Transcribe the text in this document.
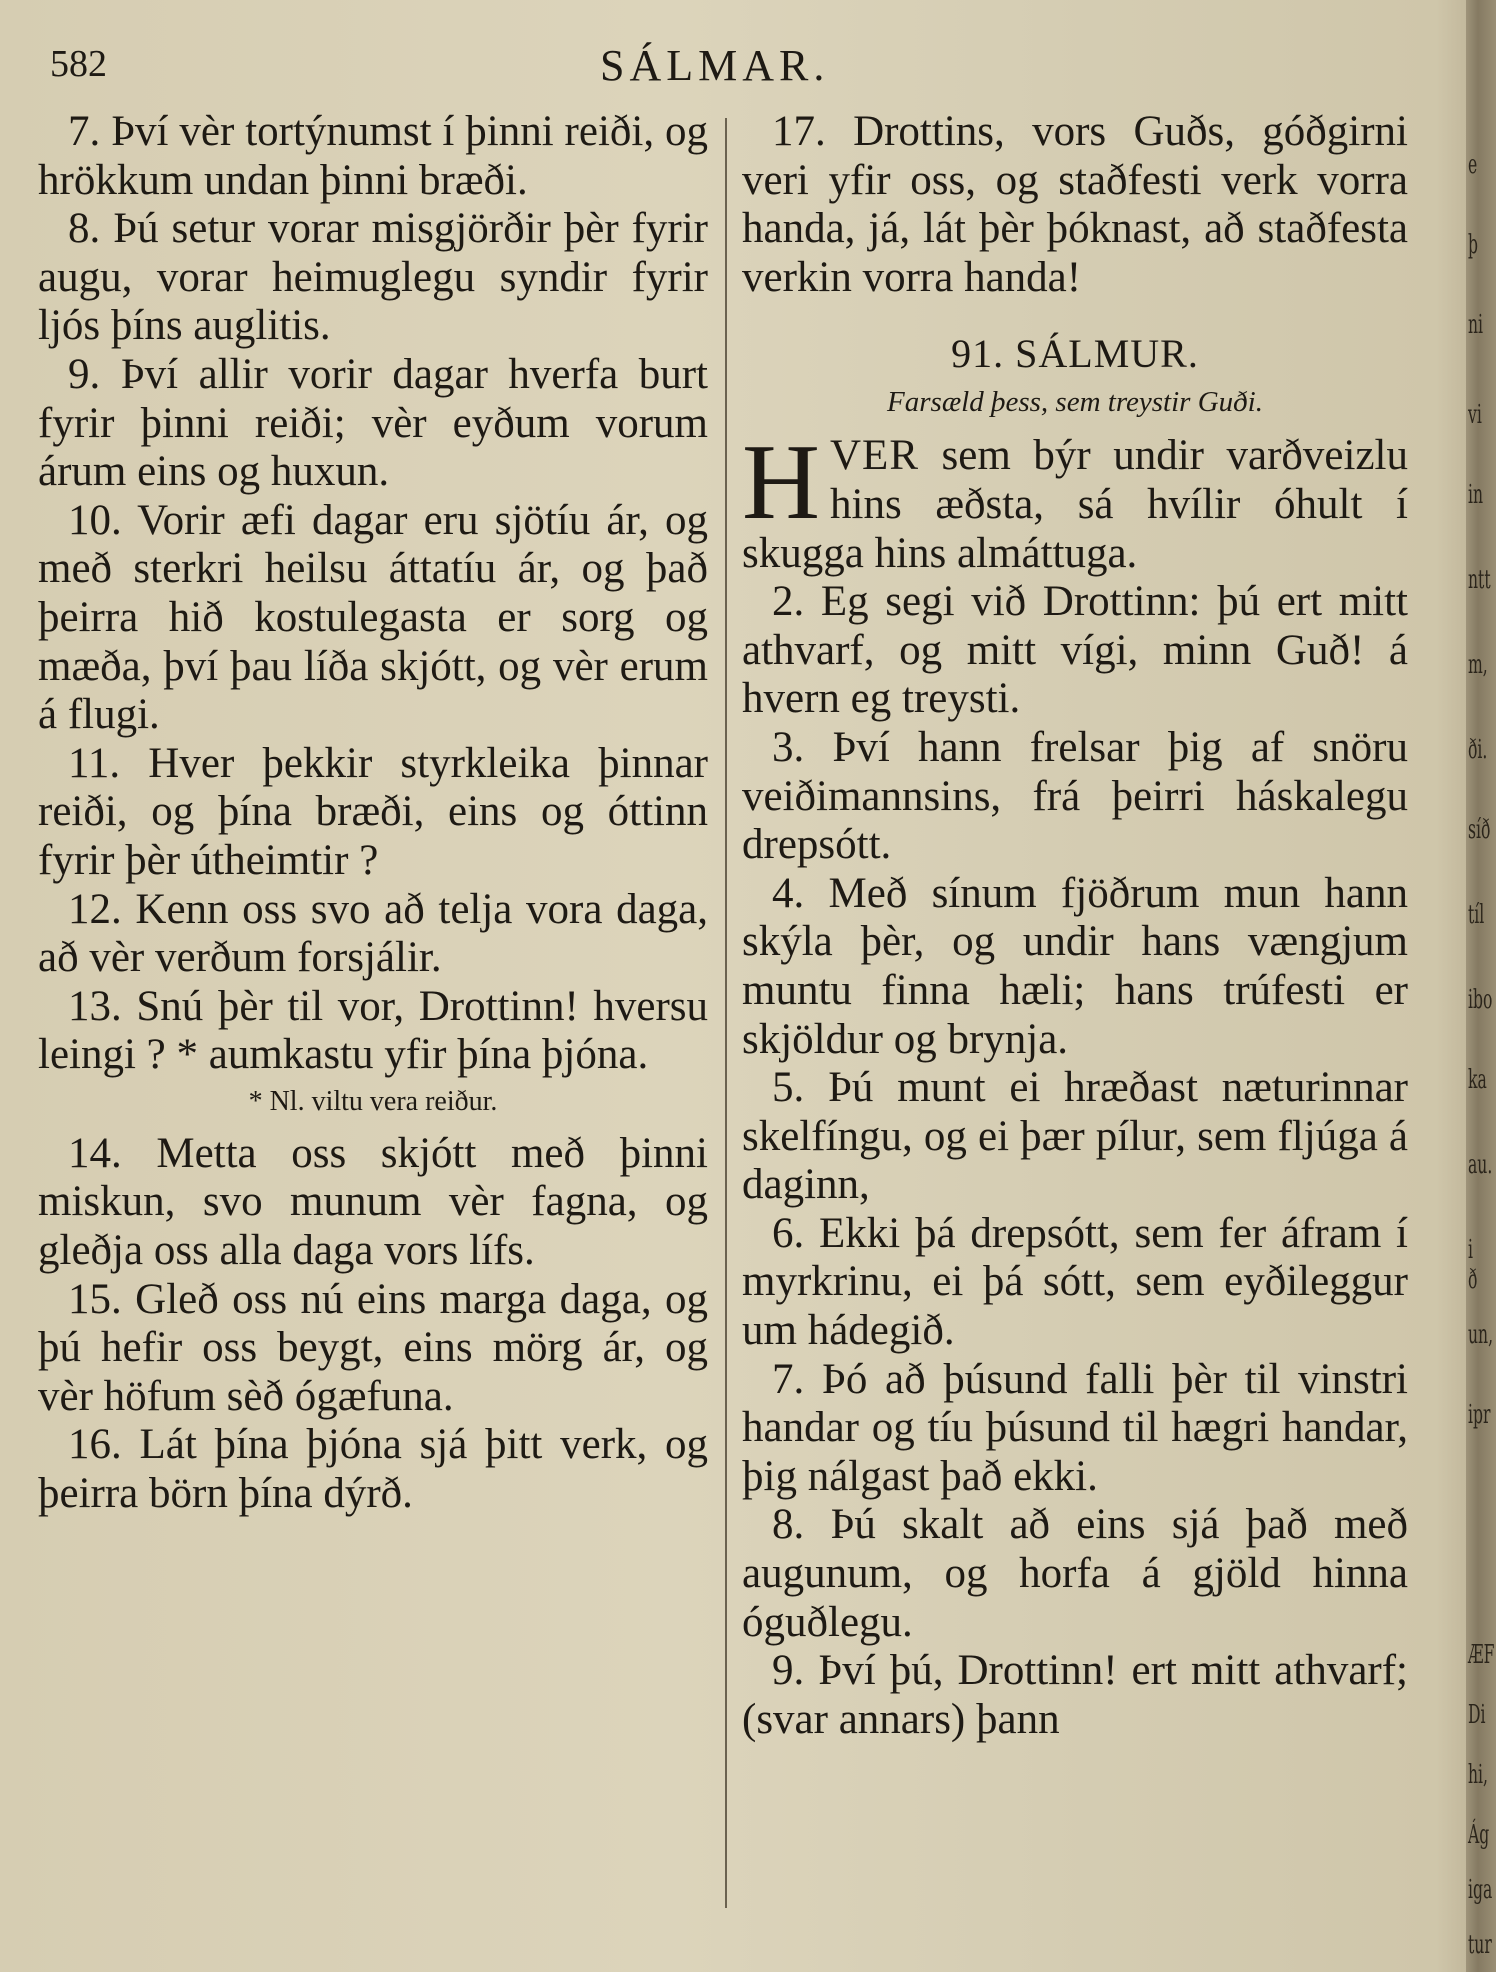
582	SÁLMAR.

7. Því vèr tortýnumst í þinni reiði, og hrökkum undan þinni bræði.

8. Þú setur vorar misgjörðir þèr fyrir augu, vorar heimuglegu syndir fyrir ljós þíns auglitis.

9. Því allir vorir dagar hverfa burt fyrir þinni reiði; vèr eyðum vorum árum eins og huxun.

10. Vorir æfi dagar eru sjötíu ár, og með sterkri heilsu áttatíu ár, og það þeirra hið kostulegasta er sorg og mæða, því þau líða skjótt, og vèr erum á flugi.

11. Hver þekkir styrkleika þinnar reiði, og þína bræði, eins og óttinn fyrir þèr útheimtir ?

12. Kenn oss svo að telja vora daga, að vèr verðum forsjálir.

13. Snú þèr til vor, Drottinn! hversu leingi ? * aumkastu yfir þína þjóna.

* Nl. viltu vera reiður.

14. Metta oss skjótt með þinni miskun, svo munum vèr fagna, og gleðja oss alla daga vors lífs.

15. Gleð oss nú eins marga daga, og þú hefir oss beygt, eins mörg ár, og vèr höfum sèð ógæfuna.

16. Lát þína þjóna sjá þitt verk, og þeirra börn þína dýrð.

17. Drottins, vors Guðs, góðgirni veri yfir oss, og staðfesti verk vorra handa, já, lát þèr þóknast, að staðfesta verkin vorra handa!

91. SÁLMUR.

Farsæld þess, sem treystir Guði.

HVER sem býr undir varðveizlu hins æðsta, sá hvílir óhult í skugga hins almáttuga.

2. Eg segi við Drottinn: þú ert mitt athvarf, og mitt vígi, minn Guð! á hvern eg treysti.

3. Því hann frelsar þig af snöru veiðimannsins, frá þeirri háskalegu drepsótt.

4. Með sínum fjöðrum mun hann skýla þèr, og undir hans vængjum muntu finna hæli; hans trúfesti er skjöldur og brynja.

5. Þú munt ei hræðast næturinnar skelfíngu, og ei þær pílur, sem fljúga á daginn,

6. Ekki þá drepsótt, sem fer áfram í myrkrinu, ei þá sótt, sem eyðileggur um hádegið.

7. Þó að þúsund falli þèr til vinstri handar og tíu þúsund til hægri handar, þig nálgast það ekki.

8. Þú skalt að eins sjá það með augunum, og horfa á gjöld hinna óguðlegu.

9. Því þú, Drottinn! ert mitt athvarf; (svar annars) þann

e
þ
ni
vi
in
ntt
m,
ði.
síð
tíl
ibo
ka
au.
i ð
un,
ipr
ÆF
Di
hi,
Ág
iga
tur
